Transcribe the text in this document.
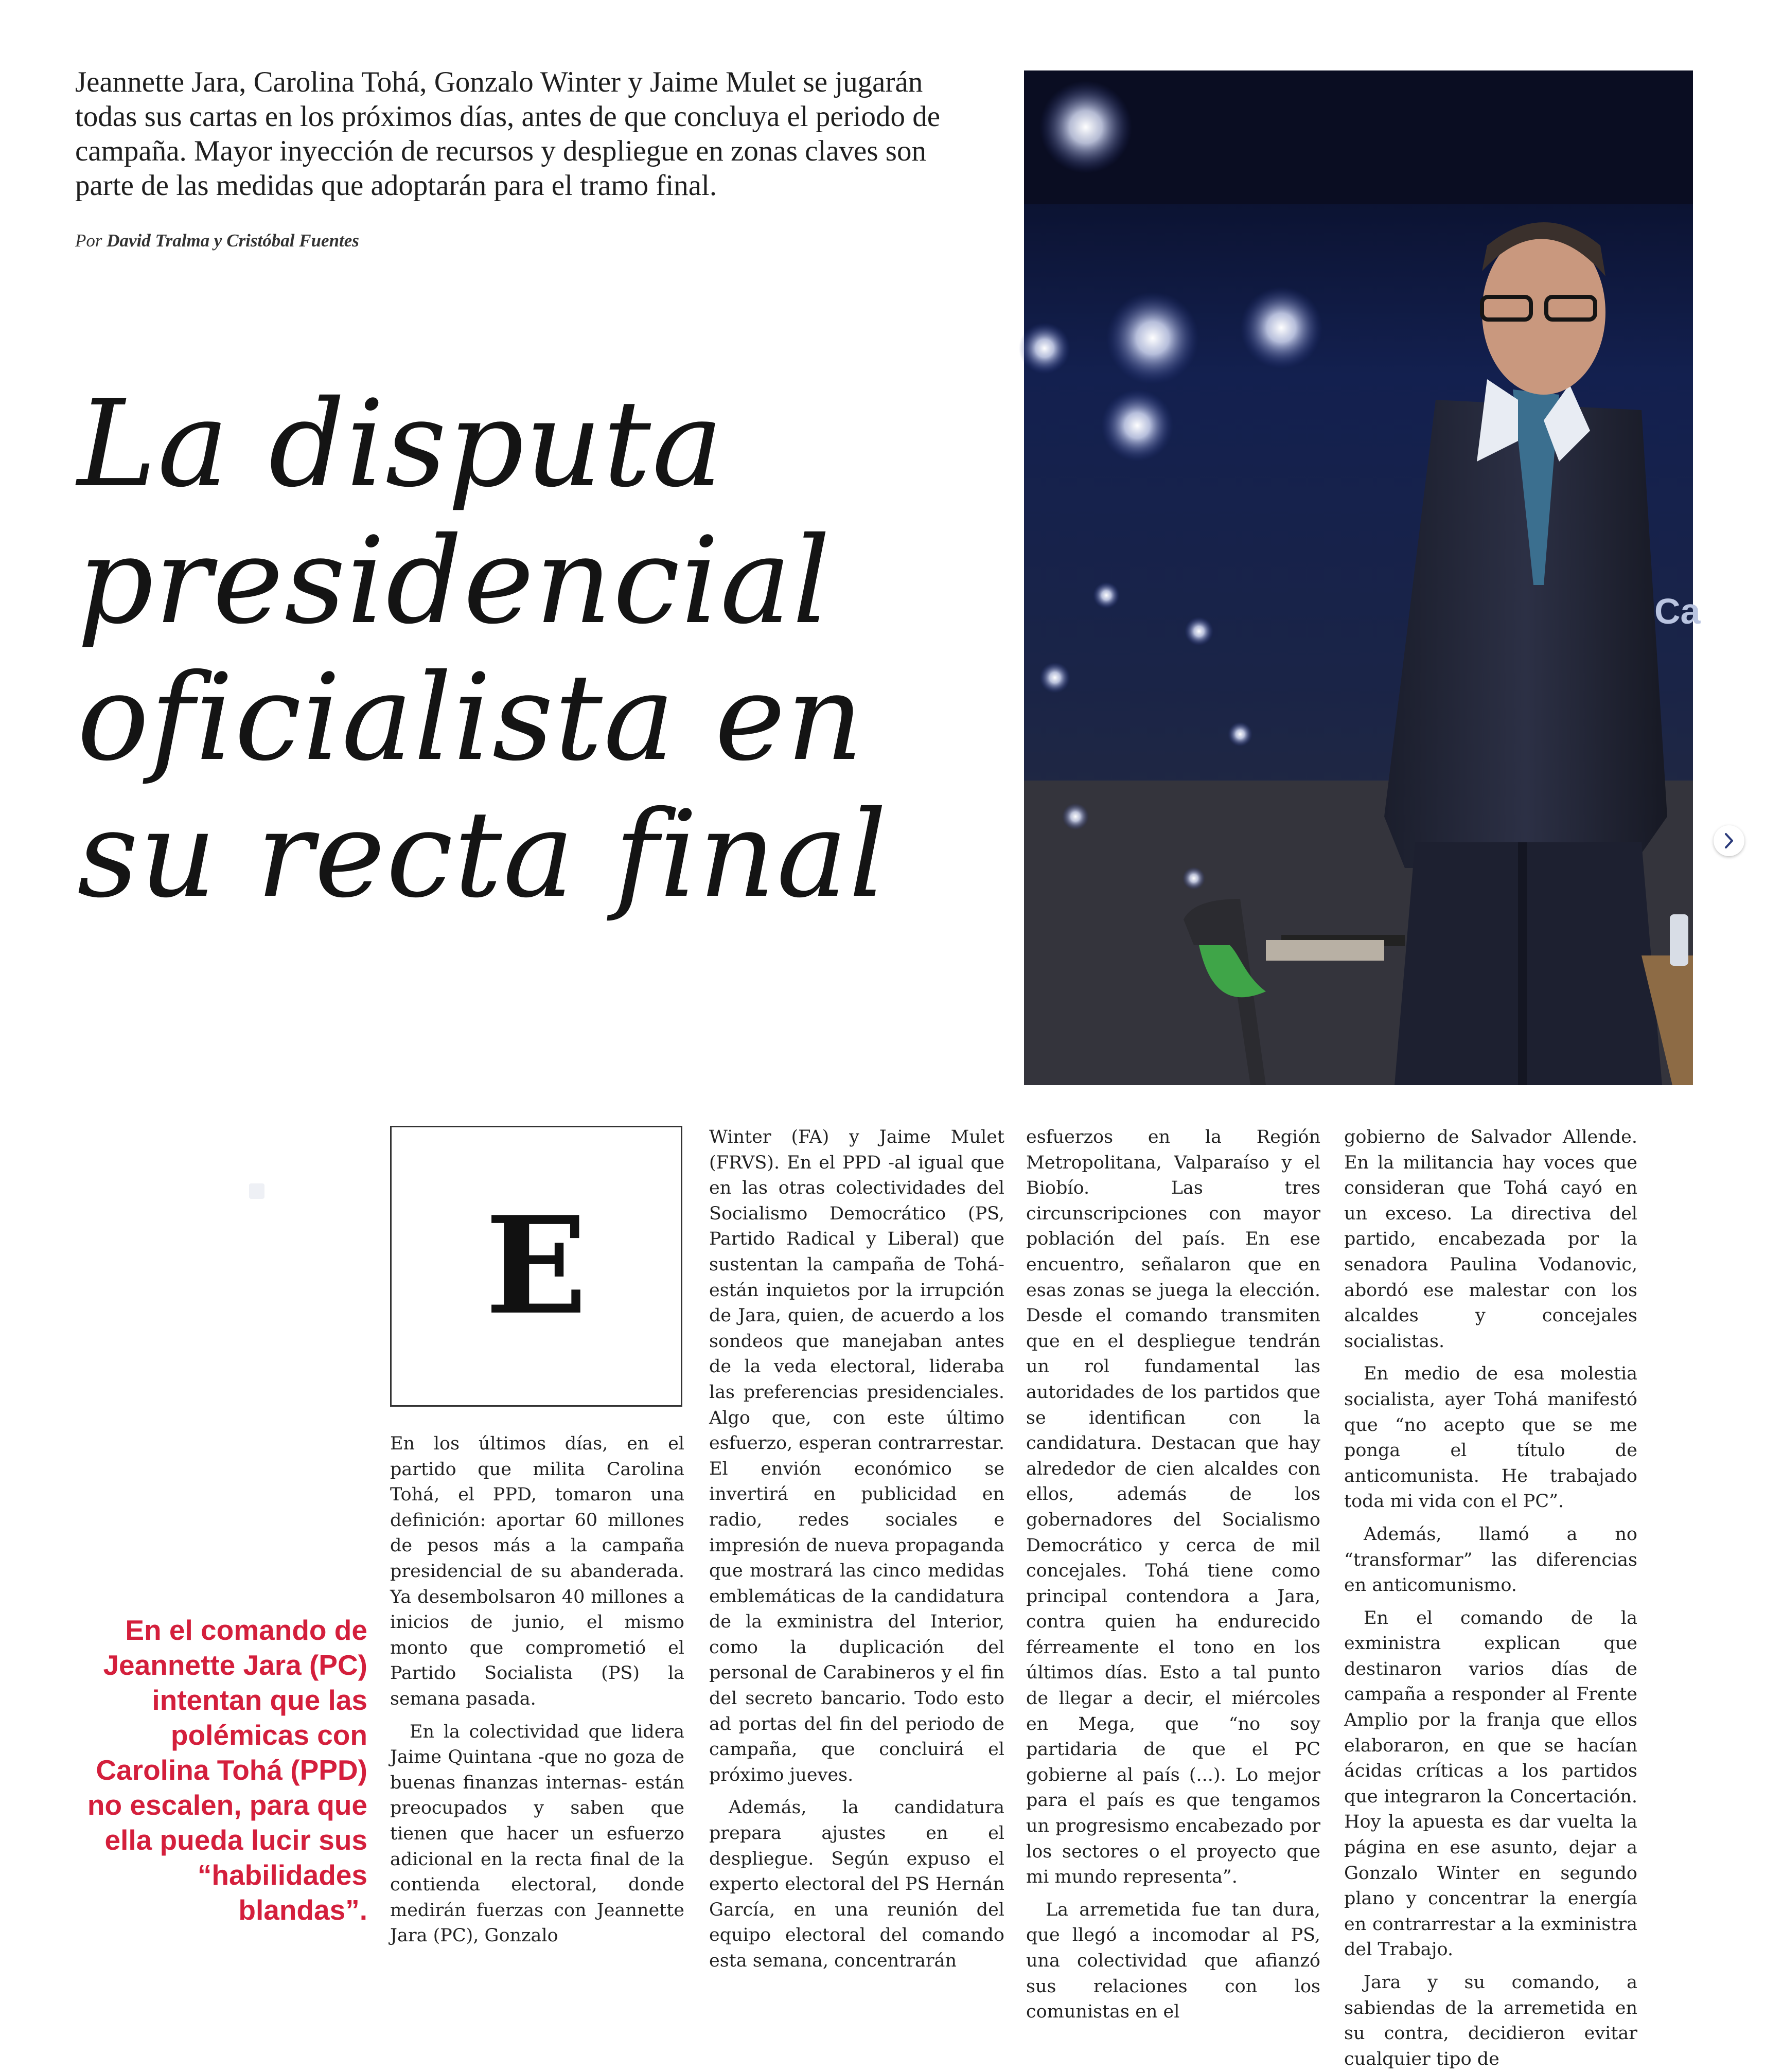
Jeannette Jara, Carolina Tohá, Gonzalo Winter y Jaime Mulet se jugarán todas sus cartas en los próximos días, antes de que concluya el periodo de campaña. Mayor inyección de recursos y despliegue en zonas claves son parte de las medidas que adoptarán para el tramo final.

Por David Tralma y Cristóbal Fuentes

La disputa
presidencial
oficialista en
su recta final
Ca
E

En el comando de Jeannette Jara (PC) intentan que las polémicas con Carolina Tohá (PPD) no escalen, para que ella pueda lucir sus “habilidades blandas”.

En los últimos días, en el partido que milita Carolina Tohá, el PPD, tomaron una definición: aportar 60 millones de pesos más a la campaña presidencial de su abanderada. Ya desembolsaron 40 millones a inicios de junio, el mismo monto que comprometió el Partido Socialista (PS) la semana pasada.

En la colectividad que lidera Jaime Quintana -que no goza de buenas finanzas internas- están preocupados y saben que tienen que hacer un esfuerzo adicional en la recta final de la contienda electoral, donde medirán fuerzas con Jeannette Jara (PC), Gonzalo

Winter (FA) y Jaime Mulet (FRVS). En el PPD -al igual que en las otras colectividades del Socialismo Democrático (PS, Partido Radical y Liberal) que sustentan la campaña de Tohá- están inquietos por la irrupción de Jara, quien, de acuerdo a los sondeos que manejaban antes de la veda electoral, lideraba las preferencias presidenciales. Algo que, con este último esfuerzo, esperan contrarrestar. El envión económico se invertirá en publicidad en radio, redes sociales e impresión de nueva propaganda que mostrará las cinco medidas emblemáticas de la candidatura de la exministra del Interior, como la duplicación del personal de Carabineros y el fin del secreto bancario. Todo esto ad portas del fin del periodo de campaña, que concluirá el próximo jueves.

Además, la candidatura prepara ajustes en el despliegue. Según expuso el experto electoral del PS Hernán García, en una reunión del equipo electoral del comando esta semana, concentrarán

esfuerzos en la Región Metropolitana, Valparaíso y el Biobío. Las tres circunscripciones con mayor población del país. En ese encuentro, señalaron que en esas zonas se juega la elección. Desde el comando transmiten que en el despliegue tendrán un rol fundamental las autoridades de los partidos que se identifican con la candidatura. Destacan que hay alrededor de cien alcaldes con ellos, además de los gobernadores del Socialismo Democrático y cerca de mil concejales. Tohá tiene como principal contendora a Jara, contra quien ha endurecido férreamente el tono en los últimos días. Esto a tal punto de llegar a decir, el miércoles en Mega, que “no soy partidaria de que el PC gobierne al país (...). Lo mejor para el país es que tengamos un progresismo encabezado por los sectores o el proyecto que mi mundo representa”.

La arremetida fue tan dura, que llegó a incomodar al PS, una colectividad que afianzó sus relaciones con los comunistas en el

gobierno de Salvador Allende. En la militancia hay voces que consideran que Tohá cayó en un exceso. La directiva del partido, encabezada por la senadora Paulina Vodanovic, abordó ese malestar con los alcaldes y concejales socialistas.

En medio de esa molestia socialista, ayer Tohá manifestó que “no acepto que se me ponga el título de anticomunista. He trabajado toda mi vida con el PC”.

Además, llamó a no “transformar” las diferencias en anticomunismo.

En el comando de la exministra explican que destinaron varios días de campaña a responder al Frente Amplio por la franja que ellos elaboraron, en que se hacían ácidas críticas a los partidos que integraron la Concertación. Hoy la apuesta es dar vuelta la página en ese asunto, dejar a Gonzalo Winter en segundo plano y concentrar la energía en contrarrestar a la exministra del Trabajo.

Jara y su comando, a sabiendas de la arremetida en su contra, decidieron evitar cualquier tipo de
